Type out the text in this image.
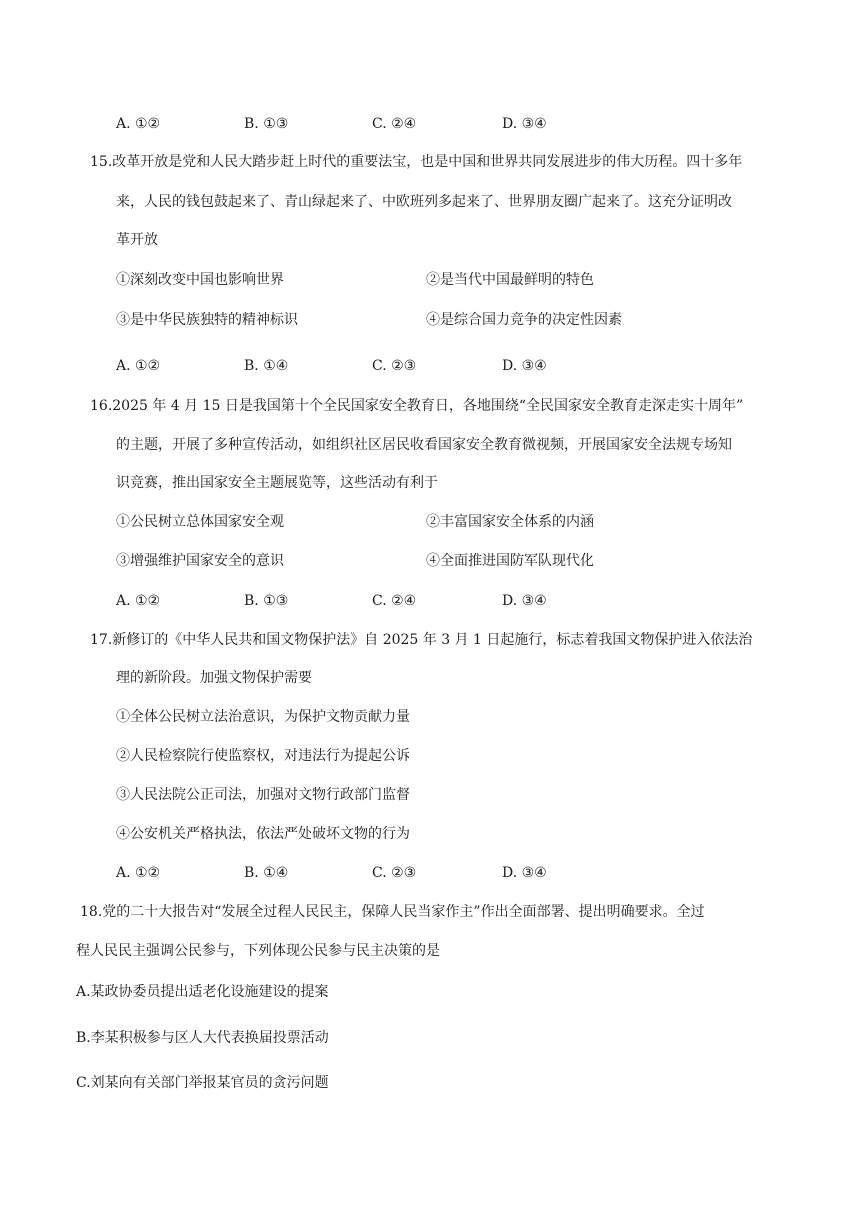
A. ①②	B. ①③	C. ②④	D. ③④
15.改革开放是党和人民大踏步赶上时代的重要法宝，也是中国和世界共同发展进步的伟大历程。四十多年
来，人民的钱包鼓起来了、青山绿起来了、中欧班列多起来了、世界朋友圈广起来了。这充分证明改
革开放
①深刻改变中国也影响世界	②是当代中国最鲜明的特色
③是中华民族独特的精神标识	④是综合国力竞争的决定性因素
A. ①②	B. ①④	C. ②③	D. ③④
16.2025 年 4 月 15 日是我国第十个全民国家安全教育日，各地围绕“全民国家安全教育走深走实十周年”
的主题，开展了多种宣传活动，如组织社区居民收看国家安全教育微视频，开展国家安全法规专场知
识竞赛，推出国家安全主题展览等，这些活动有利于
①公民树立总体国家安全观	②丰富国家安全体系的内涵
③增强维护国家安全的意识	④全面推进国防军队现代化
A. ①②	B. ①③	C. ②④	D. ③④
17.新修订的《中华人民共和国文物保护法》自 2025 年 3 月 1 日起施行，标志着我国文物保护进入依法治
理的新阶段。加强文物保护需要
①全体公民树立法治意识，为保护文物贡献力量
②人民检察院行使监察权，对违法行为提起公诉
③人民法院公正司法，加强对文物行政部门监督
④公安机关严格执法，依法严处破坏文物的行为
A. ①②	B. ①④	C. ②③	D. ③④
18.党的二十大报告对“发展全过程人民民主，保障人民当家作主”作出全面部署、提出明确要求。全过
程人民民主强调公民参与，下列体现公民参与民主决策的是
A.某政协委员提出适老化设施建设的提案
B.李某积极参与区人大代表换届投票活动
C.刘某向有关部门举报某官员的贪污问题
